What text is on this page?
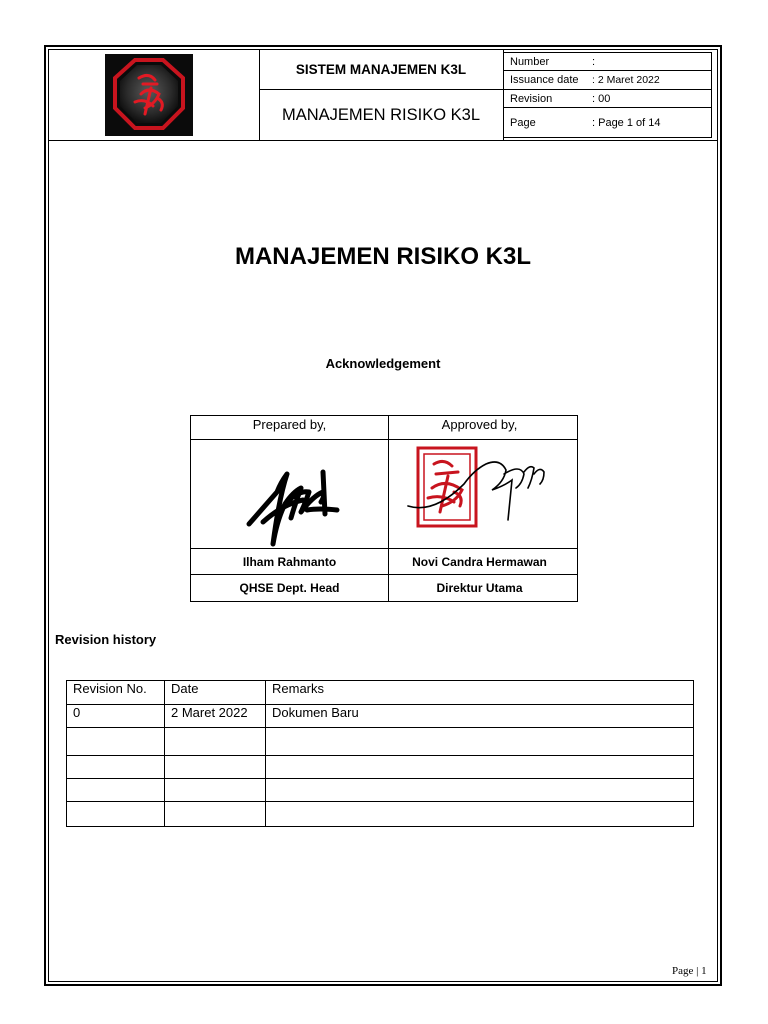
SISTEM MANAJEMEN K3L
MANAJEMEN RISIKO K3L
Number	:
Issuance date	: 2 Maret 2022
Revision	: 00
Page	: Page 1 of 14
MANAJEMEN RISIKO K3L
Acknowledgement
Prepared by,	Approved by,
Ilham Rahmanto	Novi Candra Hermawan
QHSE Dept. Head	Direktur Utama
Revision history
Revision No.	Date	Remarks
0	2 Maret 2022	Dokumen Baru
Page | 1
